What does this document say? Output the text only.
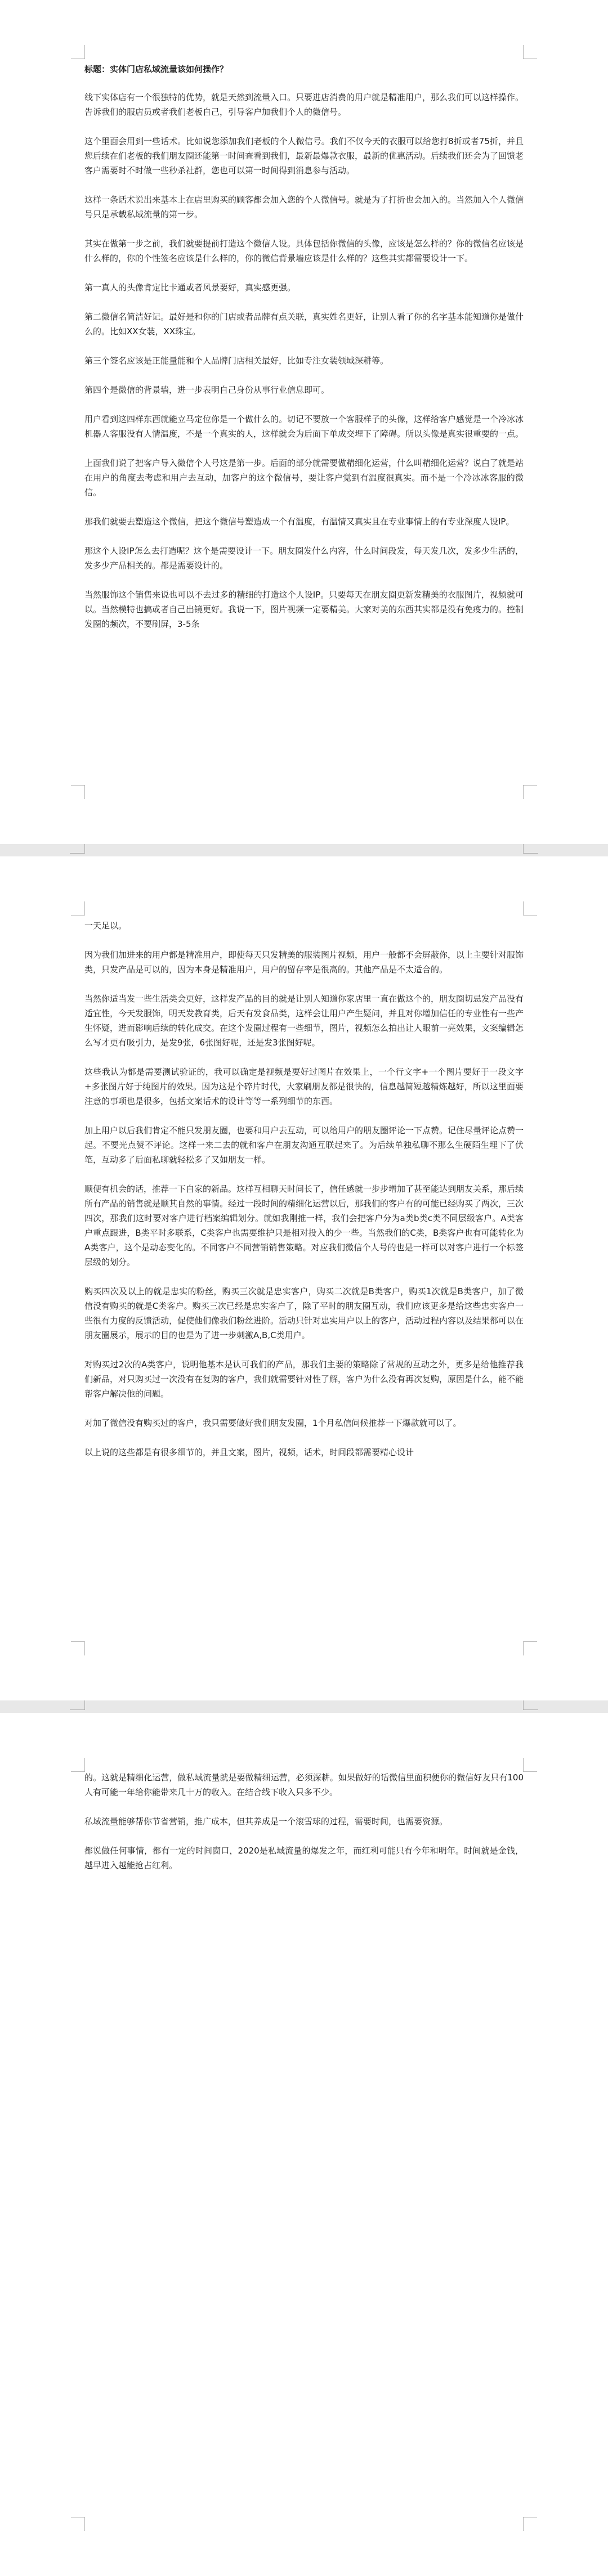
标题：实体门店私域流量该如何操作？

线下实体店有一个很独特的优势，就是天然到流量入口。只要进店消费的用户就是精准用户，那么我们可以这样操作。告诉我们的服店员或者我们老板自己，引导客户加我们个人的微信号。

这个里面会用到一些话术。比如说您添加我们老板的个人微信号。我们不仅今天的衣服可以给您打8折或者75折，并且您后续在们老板的我们朋友圈还能第一时间查看到我们，最新最爆款衣服，最新的优惠活动。后续我们还会为了回馈老客户需要时不时做一些秒杀社群，您也可以第一时间得到消息参与活动。

这样一条话术说出来基本上在店里购买的顾客都会加入您的个人微信号。就是为了打折也会加入的。当然加入个人微信号只是承载私域流量的第一步。

其实在做第一步之前，我们就要提前打造这个微信人设。具体包括你微信的头像，应该是怎么样的？你的微信名应该是什么样的，你的个性签名应该是什么样的，你的微信背景墙应该是什么样的？这些其实都需要设计一下。

第一真人的头像肯定比卡通或者风景要好，真实感更强。

第二微信名简洁好记。最好是和你的门店或者品牌有点关联，真实姓名更好，让别人看了你的名字基本能知道你是做什么的。比如XX女装，XX珠宝。

第三个签名应该是正能量能和个人品牌门店相关最好，比如专注女装领域深耕等。

第四个是微信的背景墙，进一步表明自己身份从事行业信息即可。

用户看到这四样东西就能立马定位你是一个做什么的。切记不要放一个客服样子的头像，这样给客户感觉是一个冷冰冰机器人客服没有人情温度，不是一个真实的人，这样就会为后面下单成交埋下了障碍。所以头像是真实很重要的一点。

上面我们说了把客户导入微信个人号这是第一步。后面的部分就需要做精细化运营，什么叫精细化运营？说白了就是站在用户的角度去考虑和用户去互动，加客户的这个微信号，要让客户觉到有温度很真实。而不是一个冷冰冰客服的微信。

那我们就要去塑造这个微信，把这个微信号塑造成一个有温度，有温情又真实且在专业事情上的有专业深度人设IP。

那这个人设IP怎么去打造呢？这个是需要设计一下。朋友圈发什么内容，什么时间段发，每天发几次，发多少生活的，发多少产品相关的。都是需要设计的。

当然服饰这个销售来说也可以不去过多的精细的打造这个人设IP。只要每天在朋友圈更新发精美的衣服图片，视频就可以。当然模特也搞或者自己出镜更好。我说一下，图片视频一定要精美。大家对美的东西其实都是没有免疫力的。控制发圈的频次，不要刷屏，3-5条

一天足以。

因为我们加进来的用户都是精准用户，即使每天只发精美的服装图片视频，用户一般都不会屏蔽你，以上主要针对服饰类，只发产品是可以的，因为本身是精准用户，用户的留存率是很高的。其他产品是不太适合的。

当然你适当发一些生活类会更好，这样发产品的目的就是让别人知道你家店里一直在做这个的，朋友圈切忌发产品没有适宜性，今天发服饰，明天发教育类，后天有发食品类，这样会让用户产生疑问，并且对你增加信任的专业性有一些产生怀疑，进而影响后续的转化成交。在这个发圈过程有一些细节，图片，视频怎么拍出让人眼前一亮效果，文案编辑怎么写才更有吸引力，是发9张，6张图好呢，还是发3张图好呢。

这些我认为都是需要测试验证的，我可以确定是视频是要好过图片在效果上，一个行文字+一个图片要好于一段文字+多张图片好于纯图片的效果。因为这是个碎片时代，大家刷朋友都是很快的，信息越简短越精炼越好，所以这里面要注意的事项也是很多，包括文案话术的设计等等一系列细节的东西。

加上用户以后我们肯定不能只发朋友圈，也要和用户去互动，可以给用户的朋友圈评论一下点赞。记住尽量评论点赞一起。不要光点赞不评论。这样一来二去的就和客户在朋友沟通互联起来了。为后续单独私聊不那么生硬陌生埋下了伏笔，互动多了后面私聊就轻松多了又如朋友一样。

顺便有机会的话，推荐一下自家的新品。这样互相聊天时间长了，信任感就一步步增加了甚至能达到朋友关系，那后续所有产品的销售就是顺其自然的事情。经过一段时间的精细化运营以后，那我们的客户有的可能已经购买了两次，三次四次，那我们这时要对客户进行档案编辑划分。就如我刚推一样，我们会把客户分为a类b类c类不同层级客户。A类客户重点跟进，B类平时多联系，C类客户也需要维护只是相对投入的少一些。当然我们的C类，B类客户也有可能转化为A类客户，这个是动态变化的。不同客户不同营销销售策略。对应我们微信个人号的也是一样可以对客户进行一个标签层级的划分。

购买四次及以上的就是忠实的粉丝，购买三次就是忠实客户，购买二次就是B类客户，购买1次就是B类客户，加了微信没有购买的就是C类客户。购买三次已经是忠实客户了，除了平时的朋友圈互动，我们应该更多是给这些忠实客户一些很有力度的反馈活动，促使他们像我们粉丝进阶。活动只针对忠实用户以上的客户，活动过程内容以及结果都可以在朋友圈展示，展示的目的也是为了进一步刺激A,B,C类用户。

对购买过2次的A类客户，说明他基本是认可我们的产品，那我们主要的策略除了常规的互动之外，更多是给他推荐我们新品，对只购买过一次没有在复购的客户，我们就需要针对性了解，客户为什么没有再次复购，原因是什么，能不能帮客户解决他的问题。

对加了微信没有购买过的客户，我只需要做好我们朋友发圈，1个月私信问候推荐一下爆款就可以了。

以上说的这些都是有很多细节的，并且文案，图片，视频，话术，时间段都需要精心设计

的。这就是精细化运营，做私域流量就是要做精细运营，必须深耕。如果做好的话微信里面积便你的微信好友只有100人有可能一年给你能带来几十万的收入。在结合线下收入只多不少。

私域流量能够帮你节省营销，推广成本，但其养成是一个滚雪球的过程，需要时间，也需要资源。

都说做任何事情，都有一定的时间窗口，2020是私域流量的爆发之年，而红利可能只有今年和明年。时间就是金钱，越早进入越能抢占红利。
